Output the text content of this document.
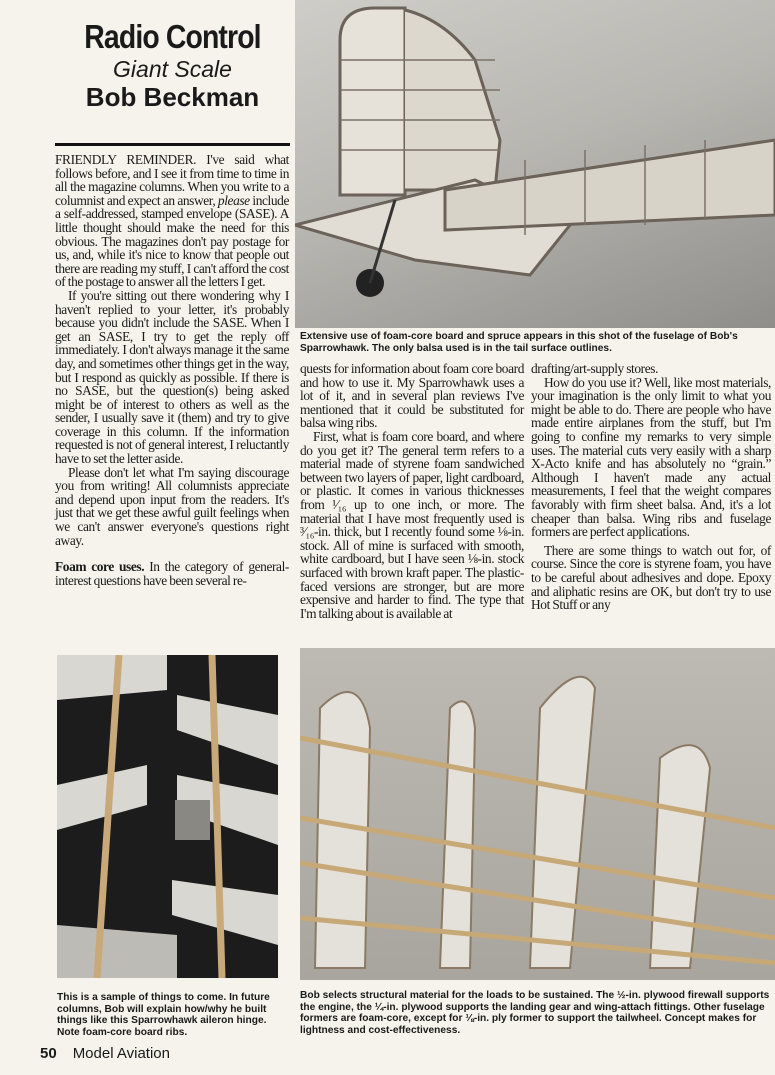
Radio Control
Giant Scale
Bob Beckman

FRIENDLY REMINDER. I've said what follows before, and I see it from time to time in all the magazine columns. When you write to a columnist and expect an answer, please include a self-addressed, stamped envelope (SASE). A little thought should make the need for this obvious. The magazines don't pay postage for us, and, while it's nice to know that people out there are reading my stuff, I can't afford the cost of the postage to answer all the letters I get.

If you're sitting out there wondering why I haven't replied to your letter, it's probably because you didn't include the SASE. When I get an SASE, I try to get the reply off immediately. I don't always manage it the same day, and sometimes other things get in the way, but I respond as quickly as possible. If there is no SASE, but the question(s) being asked might be of interest to others as well as the sender, I usually save it (them) and try to give coverage in this column. If the information requested is not of general interest, I reluctantly have to set the letter aside.

Please don't let what I'm saying discourage you from writing! All columnists appreciate and depend upon input from the readers. It's just that we get these awful guilt feelings when we can't answer everyone's questions right away.

Foam core uses. In the category of general-interest questions have been several re-

Extensive use of foam-core board and spruce appears in this shot of the fuselage of Bob's Sparrowhawk. The only balsa used is in the tail surface outlines.

quests for information about foam core board and how to use it. My Sparrowhawk uses a lot of it, and in several plan reviews I've mentioned that it could be substituted for balsa wing ribs.

First, what is foam core board, and where do you get it? The general term refers to a material made of styrene foam sandwiched between two layers of paper, light cardboard, or plastic. It comes in various thicknesses from ¹⁄₁₆ up to one inch, or more. The material that I have most frequently used is ³⁄₁₆-in. thick, but I recently found some ⅛-in. stock. All of mine is surfaced with smooth, white cardboard, but I have seen ⅛-in. stock surfaced with brown kraft paper. The plastic-faced versions are stronger, but are more expensive and harder to find. The type that I'm talking about is available at

drafting/art-supply stores.

How do you use it? Well, like most materials, your imagination is the only limit to what you might be able to do. There are people who have made entire airplanes from the stuff, but I'm going to confine my remarks to very simple uses. The material cuts very easily with a sharp X-Acto knife and has absolutely no “grain.” Although I haven't made any actual measurements, I feel that the weight compares favorably with firm sheet balsa. And, it's a lot cheaper than balsa. Wing ribs and fuselage formers are perfect applications.

There are some things to watch out for, of course. Since the core is styrene foam, you have to be careful about adhesives and dope. Epoxy and aliphatic resins are OK, but don't try to use Hot Stuff or any

This is a sample of things to come. In future columns, Bob will explain how/why he built things like this Sparrowhawk aileron hinge. Note foam-core board ribs.
Bob selects structural material for the loads to be sustained. The ½-in. plywood firewall supports the engine, the ¼-in. plywood supports the landing gear and wing-attach fittings. Other fuselage formers are foam-core, except for ⅛-in. ply former to support the tailwheel. Concept makes for lightness and cost-effectiveness.
50 Model Aviation
